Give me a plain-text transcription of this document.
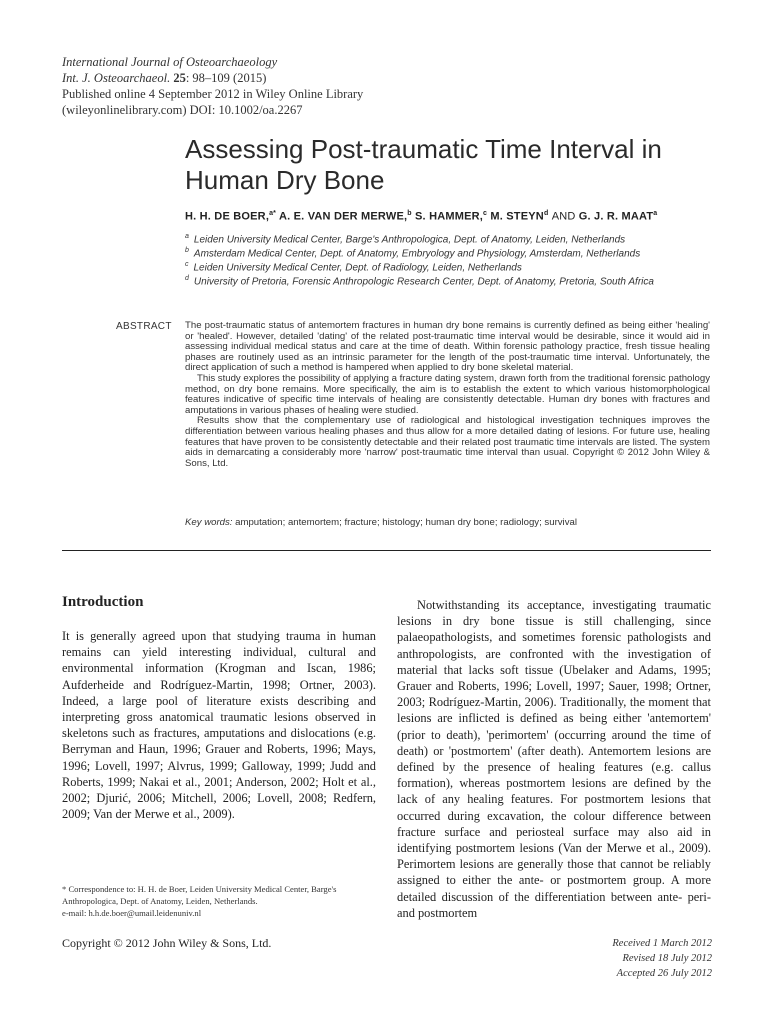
International Journal of Osteoarchaeology
Int. J. Osteoarchaeol. 25: 98–109 (2015)
Published online 4 September 2012 in Wiley Online Library
(wileyonlinelibrary.com) DOI: 10.1002/oa.2267
Assessing Post-traumatic Time Interval in Human Dry Bone
H. H. DE BOER,$^{a*}$ A. E. VAN DER MERWE,$^b$ S. HAMMER,$^c$ M. STEYN$^d$ AND G. J. R. MAAT$^a$
$^a$ Leiden University Medical Center, Barge's Anthropologica, Dept. of Anatomy, Leiden, Netherlands
$^b$ Amsterdam Medical Center, Dept. of Anatomy, Embryology and Physiology, Amsterdam, Netherlands
$^c$ Leiden University Medical Center, Dept. of Radiology, Leiden, Netherlands
$^d$ University of Pretoria, Forensic Anthropologic Research Center, Dept. of Anatomy, Pretoria, South Africa
ABSTRACT The post-traumatic status of antemortem fractures in human dry bone remains is currently defined as being either 'healing' or 'healed'. However, detailed 'dating' of the related post-traumatic time interval would be desirable, since it would aid in assessing individual medical status and care at the time of death. Within forensic pathology practice, fresh tissue healing phases are routinely used as an intrinsic parameter for the length of the post-traumatic time interval. Unfortunately, the direct application of such a method is hampered when applied to dry bone skeletal material.

This study explores the possibility of applying a fracture dating system, drawn forth from the traditional forensic pathology method, on dry bone remains. More specifically, the aim is to establish the extent to which various histomorphological features indicative of specific time intervals of healing are consistently detectable. Human dry bones with fractures and amputations in various phases of healing were studied.

Results show that the complementary use of radiological and histological investigation techniques improves the differentiation between various healing phases and thus allow for a more detailed dating of lesions. For future use, healing features that have proven to be consistently detectable and their related post traumatic time intervals are listed. The system aids in demarcating a considerably more 'narrow' post-traumatic time interval than usual. Copyright © 2012 John Wiley & Sons, Ltd.

Key words: amputation; antemortem; fracture; histology; human dry bone; radiology; survival
Introduction

It is generally agreed upon that studying trauma in human remains can yield interesting individual, cultural and environmental information (Krogman and Iscan, 1986; Aufderheide and Rodríguez-Martin, 1998; Ortner, 2003). Indeed, a large pool of literature exists describing and interpreting gross anatomical traumatic lesions observed in skeletons such as fractures, amputations and dislocations (e.g. Berryman and Haun, 1996; Grauer and Roberts, 1996; Mays, 1996; Lovell, 1997; Alvrus, 1999; Galloway, 1999; Judd and Roberts, 1999; Nakai et al., 2001; Anderson, 2002; Holt et al., 2002; Djurić, 2006; Mitchell, 2006; Lovell, 2008; Redfern, 2009; Van der Merwe et al., 2009).

Notwithstanding its acceptance, investigating traumatic lesions in dry bone tissue is still challenging, since palaeopathologists, and sometimes forensic pathologists and anthropologists, are confronted with the investigation of material that lacks soft tissue (Ubelaker and Adams, 1995; Grauer and Roberts, 1996; Lovell, 1997; Sauer, 1998; Ortner, 2003; Rodríguez-Martin, 2006). Traditionally, the moment that lesions are inflicted is defined as being either 'antemortem' (prior to death), 'perimortem' (occurring around the time of death) or 'postmortem' (after death). Antemortem lesions are defined by the presence of healing features (e.g. callus formation), whereas postmortem lesions are defined by the lack of any healing features. For postmortem lesions that occurred during excavation, the colour difference between fracture surface and periosteal surface may also aid in identifying postmortem lesions (Van der Merwe et al., 2009). Perimortem lesions are generally those that cannot be reliably assigned to either the ante- or postmortem group. A more detailed discussion of the differentiation between ante- peri- and postmortem

* Correspondence to: H. H. de Boer, Leiden University Medical Center, Barge's Anthropologica, Dept. of Anatomy, Leiden, Netherlands.
e-mail: h.h.de.boer@umail.leidenuniv.nl
Copyright © 2012 John Wiley & Sons, Ltd.	Received 1 March 2012
Revised 18 July 2012
Accepted 26 July 2012
